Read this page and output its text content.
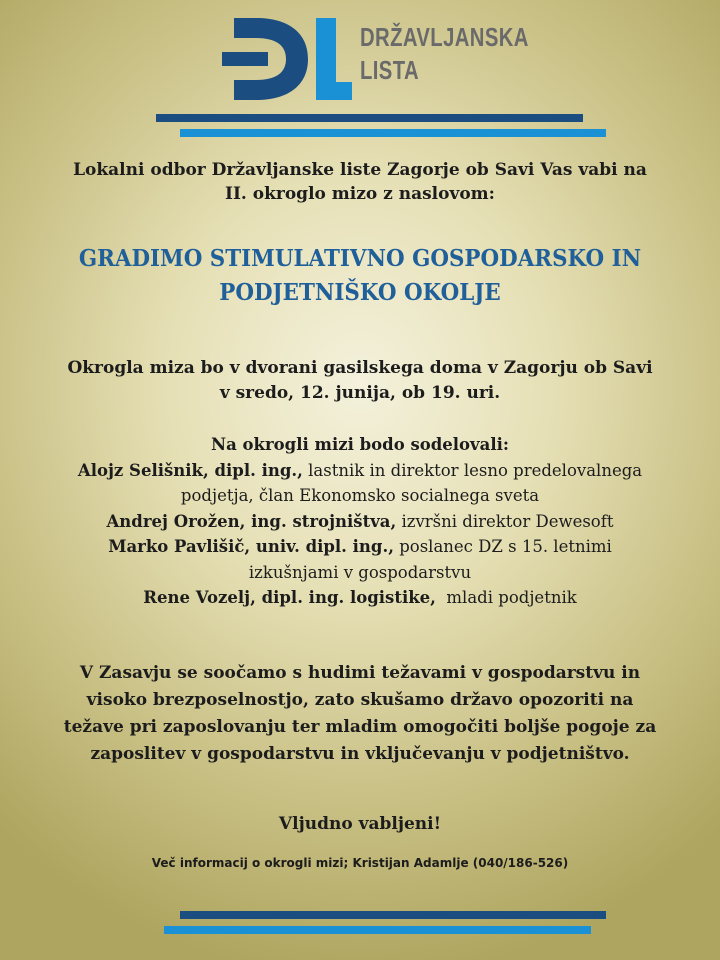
DRŽAVLJANSKA
LISTA
Lokalni odbor Državljanske liste Zagorje ob Savi Vas vabi na
II. okroglo mizo z naslovom:
GRADIMO STIMULATIVNO GOSPODARSKO IN
PODJETNIŠKO OKOLJE
Okrogla miza bo v dvorani gasilskega doma v Zagorju ob Savi
v sredo, 12. junija, ob 19. uri.
Na okrogli mizi bodo sodelovali:
Alojz Selišnik, dipl. ing., lastnik in direktor lesno predelovalnega
podjetja, član Ekonomsko socialnega sveta
Andrej Orožen, ing. strojništva, izvršni direktor Dewesoft
Marko Pavlišič, univ. dipl. ing., poslanec DZ s 15. letnimi
izkušnjami v gospodarstvu
Rene Vozelj, dipl. ing. logistike,  mladi podjetnik
V Zasavju se soočamo s hudimi težavami v gospodarstvu in
visoko brezposelnostjo, zato skušamo državo opozoriti na
težave pri zaposlovanju ter mladim omogočiti boljše pogoje za
zaposlitev v gospodarstvu in vključevanju v podjetništvo.
Vljudno vabljeni!
Več informacij o okrogli mizi; Kristijan Adamlje (040/186-526)
